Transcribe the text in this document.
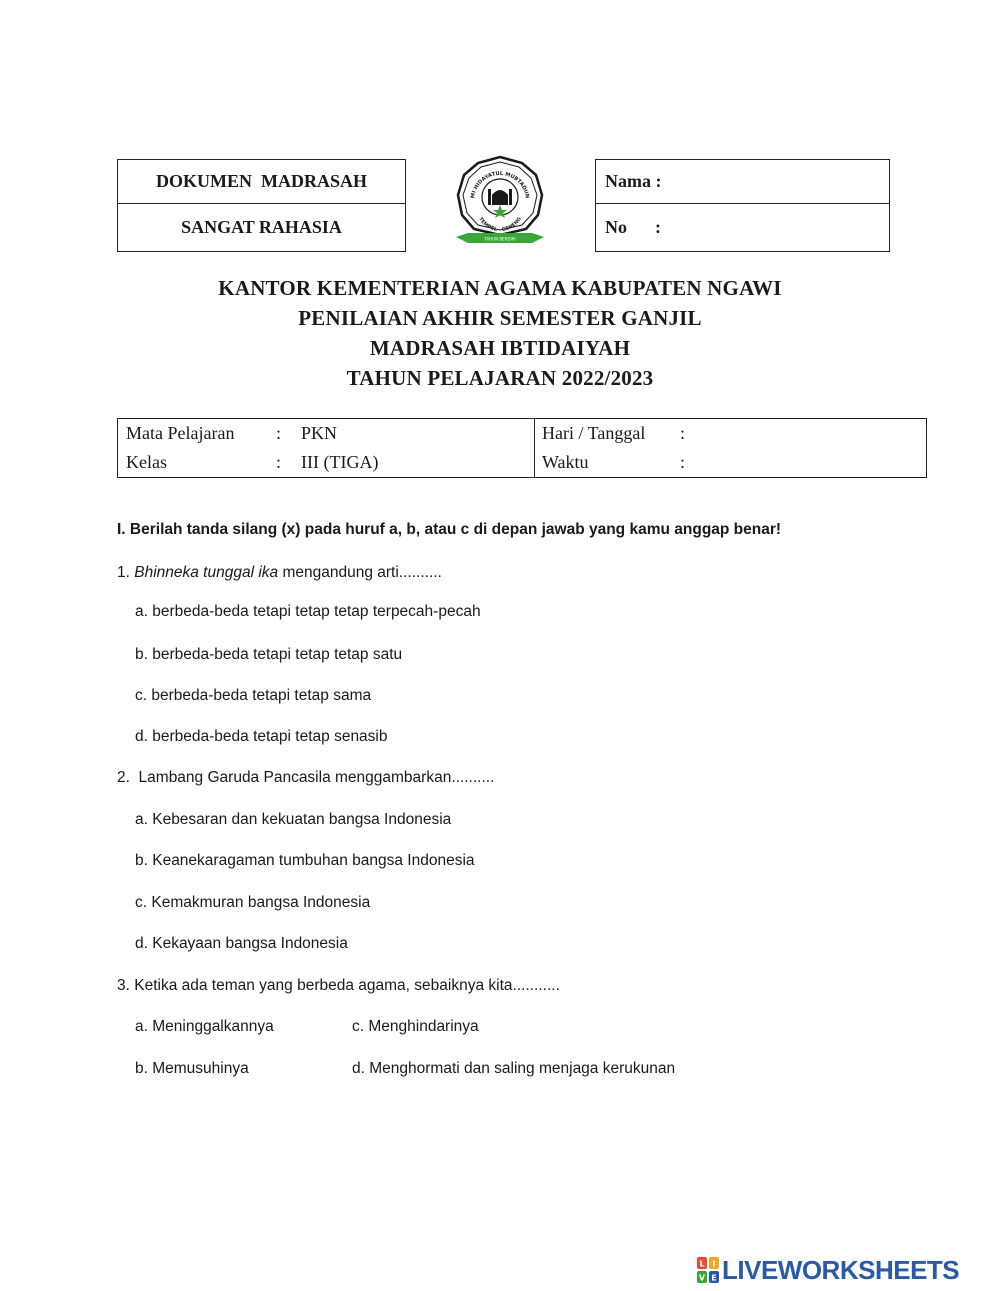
DOKUMEN  MADRASAH
SANGAT RAHASIA
MI HIDAYATUL MUBTADIIN
TEMPEL - GENENG
TAHUN BERDIRI
Nama :
No :
KANTOR KEMENTERIAN AGAMA KABUPATEN NGAWI
PENILAIAN AKHIR SEMESTER GANJIL
MADRASAH IBTIDAIYAH
TAHUN PELAJARAN 2022/2023
Mata Pelajaran : PKN
Kelas	: III (TIGA)
Hari / Tanggal :
Waktu	:
I. Berilah tanda silang (x) pada huruf a, b, atau c di depan jawab yang kamu anggap benar!
1. Bhinneka tunggal ika mengandung arti..........
a. berbeda-beda tetapi tetap tetap terpecah-pecah
b. berbeda-beda tetapi tetap tetap satu
c. berbeda-beda tetapi tetap sama
d. berbeda-beda tetapi tetap senasib
2.  Lambang Garuda Pancasila menggambarkan..........
a. Kebesaran dan kekuatan bangsa Indonesia
b. Keanekaragaman tumbuhan bangsa Indonesia
c. Kemakmuran bangsa Indonesia
d. Kekayaan bangsa Indonesia
3. Ketika ada teman yang berbeda agama, sebaiknya kita...........
a. Meninggalkannya	c. Menghindarinya
b. Memusuhinya	d. Menghormati dan saling menjaga kerukunan
L I
V E LIVEWORKSHEETS
